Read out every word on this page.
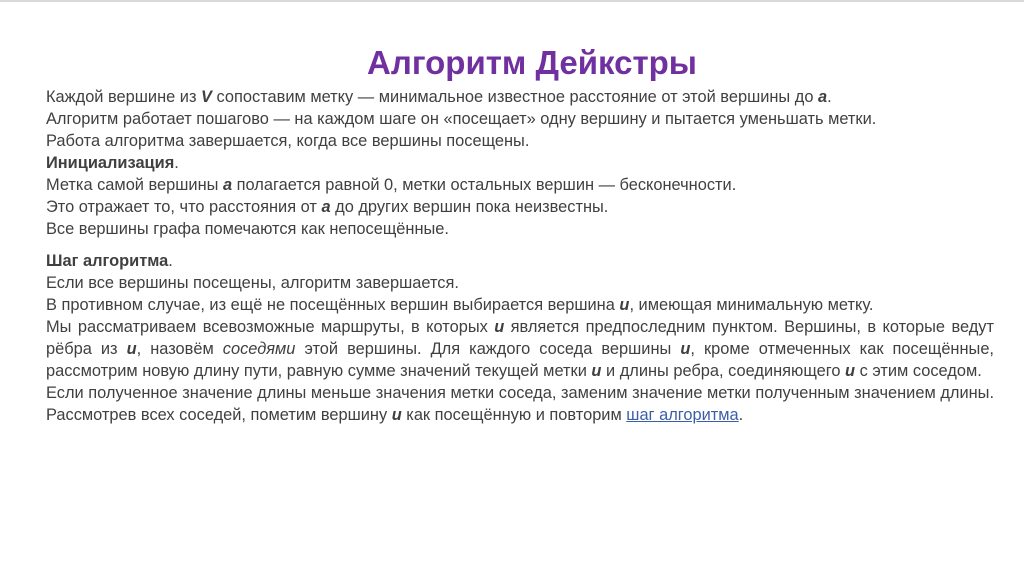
Алгоритм Дейкстры

Каждой вершине из V сопоставим метку — минимальное известное расстояние от этой вершины до a.

Алгоритм работает пошагово — на каждом шаге он «посещает» одну вершину и пытается уменьшать метки.

Работа алгоритма завершается, когда все вершины посещены.

Инициализация.

Метка самой вершины a полагается равной 0, метки остальных вершин — бесконечности.

Это отражает то, что расстояния от a до других вершин пока неизвестны.

Все вершины графа помечаются как непосещённые.

Шаг алгоритма.

Если все вершины посещены, алгоритм завершается.

В противном случае, из ещё не посещённых вершин выбирается вершина u, имеющая минимальную метку.

Мы рассматриваем всевозможные маршруты, в которых u является предпоследним пунктом. Вершины, в которые ведут рёбра из u, назовём соседями этой вершины. Для каждого соседа вершины u, кроме отмеченных как посещённые, рассмотрим новую длину пути, равную сумме значений текущей метки u и длины ребра, соединяющего u с этим соседом.

Если полученное значение длины меньше значения метки соседа, заменим значение метки полученным значением длины. Рассмотрев всех соседей, пометим вершину u как посещённую и повторим шаг алгоритма.
